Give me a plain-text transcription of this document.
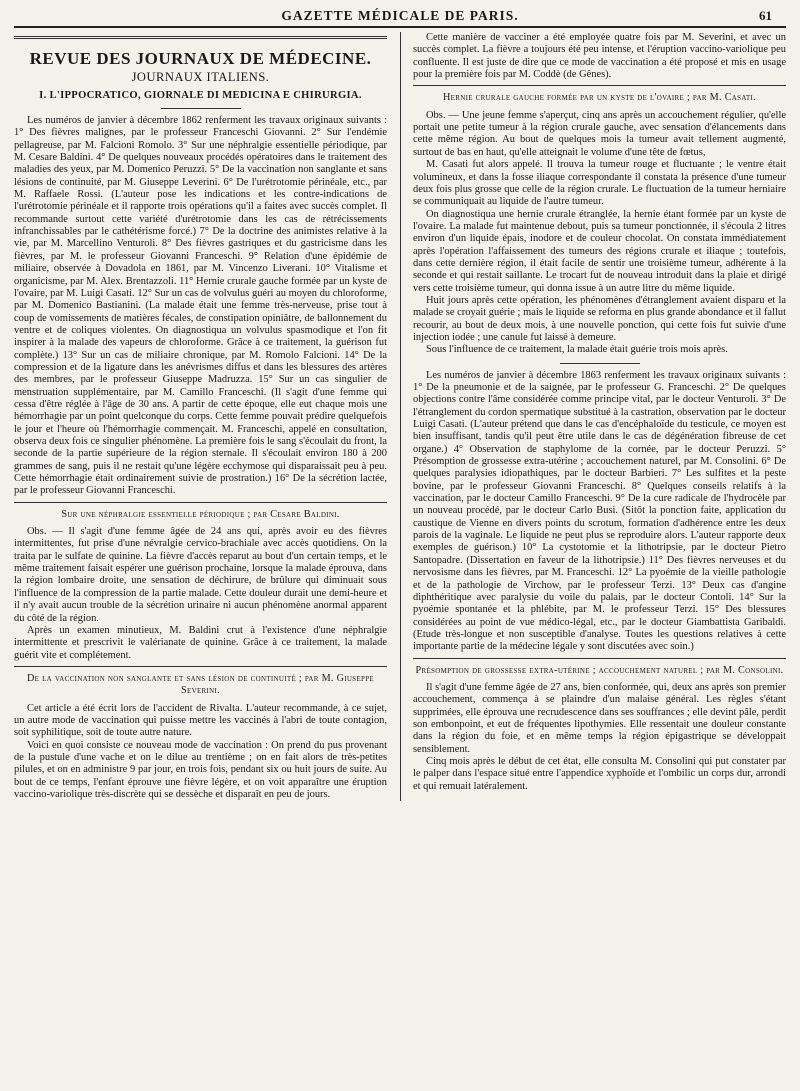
GAZETTE MÉDICALE DE PARIS.	61
REVUE DES JOURNAUX DE MÉDECINE.
JOURNAUX ITALIENS.
I. L'IPPOCRATICO, GIORNALE DI MEDICINA E CHIRURGIA.

Les numéros de janvier à décembre 1862 renferment les travaux originaux suivants : 1° Des fièvres malignes, par le professeur Franceschi Giovanni. 2° Sur l'endémie pellagreuse, par M. Falcioni Romolo. 3° Sur une néphralgie essentielle périodique, par M. Cesare Baldini. 4° De quelques nouveaux procédés opératoires dans le traitement des maladies des yeux, par M. Domenico Peruzzi. 5° De la vaccination non sanglante et sans lésions de continuité, par M. Giuseppe Leverini. 6° De l'urétrotomie périnéale, etc., par M. Raffaele Rossi. (L'auteur pose les indications et les contre-indications de l'urétrotomie périnéale et il rapporte trois opérations qu'il a faites avec succès complet. Il recommande surtout cette variété d'urétrotomie dans les cas de rétrécissements infranchissables par le cathétérisme forcé.) 7° De la doctrine des animistes relative à la vie, par M. Marcellino Venturoli. 8° Des fièvres gastriques et du gastricisme dans les fièvres, par M. le professeur Giovanni Franceschi. 9° Relation d'une épidémie de miliaire, observée à Dovadola en 1861, par M. Vincenzo Liverani. 10° Vitalisme et organicisme, par M. Alex. Brentazzoli. 11° Hernie crurale gauche formée par un kyste de l'ovaire, par M. Luigi Casati. 12° Sur un cas de volvulus guéri au moyen du chloroforme, par M. Domenico Bastianini. (La malade était une femme très-nerveuse, prise tout à coup de vomissements de matières fécales, de constipation opiniâtre, de ballonnement du ventre et de coliques violentes. On diagnostiqua un volvulus spasmodique et l'on fit inspirer à la malade des vapeurs de chloroforme. Grâce à ce traitement, la guérison fut complète.) 13° Sur un cas de miliaire chronique, par M. Romolo Falcioni. 14° De la compression et de la ligature dans les anévrismes diffus et dans les blessures des artères des membres, par le professeur Giuseppe Madruzza. 15° Sur un cas singulier de menstruation supplémentaire, par M. Camillo Franceschi. (Il s'agit d'une femme qui cessa d'être réglée à l'âge de 30 ans. A partir de cette époque, elle eut chaque mois une hémorrhagie par un point quelconque du corps. Cette femme pouvait prédire quelquefois le jour et l'heure où l'hémorrhagie commençait. M. Franceschi, appelé en consultation, observa deux fois ce singulier phénomène. La première fois le sang s'écoulait du front, la seconde de la partie supérieure de la région sternale. Il s'écoulait environ 180 à 200 grammes de sang, puis il ne restait qu'une légère ecchymose qui disparaissait peu à peu. Cette hémorrhagie était ordinairement suivie de prostration.) 16° De la sécrétion lactée, par le professeur Giovanni Franceschi.

Sur une néphralgie essentielle périodique ; par Cesare Baldini.

Obs. — Il s'agit d'une femme âgée de 24 ans qui, après avoir eu des fièvres intermittentes, fut prise d'une névralgie cervico-brachiale avec accès quotidiens. On la traita par le sulfate de quinine. La fièvre d'accès reparut au bout d'un certain temps, et le même traitement faisait espérer une guérison prochaine, lorsque la malade éprouva, dans la région lombaire droite, une sensation de déchirure, de brûlure qui diminuait sous l'influence de la compression de la partie malade. Cette douleur durait une demi-heure et il n'y avait aucun trouble de la sécrétion urinaire ni aucun phénomène anormal apparent du côté de la région.

Après un examen minutieux, M. Baldini crut à l'existence d'une néphralgie intermittente et prescrivit le valérianate de quinine. Grâce à ce traitement, la malade guérit vite et complétement.

De la vaccination non sanglante et sans lésion de continuité ; par M. Giuseppe Severini.

Cet article a été écrit lors de l'accident de Rivalta. L'auteur recommande, à ce sujet, un autre mode de vaccination qui puisse mettre les vaccinés à l'abri de toute contagion, soit syphilitique, soit de toute autre nature.

Voici en quoi consiste ce nouveau mode de vaccination : On prend du pus provenant de la pustule d'une vache et on le dilue au trentième ; on en fait alors de très-petites pilules, et on en administre 9 par jour, en trois fois, pendant six ou huit jours de suite. Au bout de ce temps, l'enfant éprouve une fièvre légère, et on voit apparaître une éruption vaccino-variolique très-discrète qui se dessèche et disparaît en peu de jours.

Cette manière de vacciner a été employée quatre fois par M. Severini, et avec un succès complet. La fièvre a toujours été peu intense, et l'éruption vaccino-variolique peu confluente. Il est juste de dire que ce mode de vaccination a été proposé et mis en usage pour la première fois par M. Coddè (de Gênes).

Hernie crurale gauche formée par un kyste de l'ovaire ; par M. Casati.

Obs. — Une jeune femme s'aperçut, cinq ans après un accouchement régulier, qu'elle portait une petite tumeur à la région crurale gauche, avec sensation d'élancements dans cette même région. Au bout de quelques mois la tumeur avait tellement augmenté, surtout de bas en haut, qu'elle atteignait le volume d'une tête de fœtus,

M. Casati fut alors appelé. Il trouva la tumeur rouge et fluctuante ; le ventre était volumineux, et dans la fosse iliaque correspondante il constata la présence d'une tumeur deux fois plus grosse que celle de la région crurale. Le fluctuation de la tumeur herniaire se communiquait au liquide de l'autre tumeur.

On diagnostiqua une hernie crurale étranglée, la hernie étant formée par un kyste de l'ovaire. La malade fut maintenue debout, puis sa tumeur ponctionnée, il s'écoula 2 litres environ d'un liquide épais, inodore et de couleur chocolat. On constata immédiatement après l'opération l'affaissement des tumeurs des régions crurale et iliaque ; toutefois, dans cette dernière région, il était facile de sentir une troisième tumeur, adhérente à la seconde et qui restait saillante. Le trocart fut de nouveau introduit dans la plaie et dirigé vers cette troisième tumeur, qui donna issue à un autre litre du même liquide.

Huit jours après cette opération, les phénomènes d'étranglement avaient disparu et la malade se croyait guérie ; mais le liquide se reforma en plus grande abondance et il fallut recourir, au bout de deux mois, à une nouvelle ponction, qui cette fois fut suivie d'une injection iodée ; une canule fut laissé à demeure.

Sous l'influence de ce traitement, la malade était guérie trois mois après.

Les numéros de janvier à décembre 1863 renferment les travaux originaux suivants : 1° De la pneumonie et de la saignée, par le professeur G. Franceschi. 2° De quelques objections contre l'âme considérée comme principe vital, par le docteur Venturoli. 3° De l'étranglement du cordon spermatique substitué à la castration, observation par le docteur Luigi Casati. (L'auteur prétend que dans le cas d'encéphaloïde du testicule, ce moyen est bien insuffisant, tandis qu'il peut être utile dans le cas de dégénération fibreuse de cet organe.) 4° Observation de staphylome de la cornée, par le docteur Peruzzi. 5° Présomption de grossesse extra-utérine ; accouchement naturel, par M. Consolini. 6° De quelques paralysies idiopathiques, par le docteur Barbieri. 7° Les sulfites et la peste bovine, par le professeur Giovanni Franceschi. 8° Quelques conseils relatifs à la vaccination, par le docteur Camillo Franceschi. 9° De la cure radicale de l'hydrocèle par un nouveau procédé, par le docteur Carlo Busi. (Sitôt la ponction faite, application du caustique de Vienne en divers points du scrotum, formation d'adhérence entre les deux parois de la vaginale. Le liquide ne peut plus se reproduire alors. L'auteur rapporte deux exemples de guérison.) 10° La cystotomie et la lithotripsie, par le docteur Pietro Santopadre. (Dissertation en faveur de la lithotripsie.) 11° Des fièvres nerveuses et du nervosisme dans les fièvres, par M. Franceschi. 12° La pyoémie de la vieille pathologie et de la pathologie de Virchow, par le professeur Terzi. 13° Deux cas d'angine diphthéritique avec paralysie du voile du palais, par le docteur Contoli. 14° Sur la pyoémie spontanée et la phlébite, par M. le professeur Terzi. 15° Des blessures considérées au point de vue médico-légal, etc., par le docteur Giambattista Garibaldi. (Etude très-longue et non susceptible d'analyse. Toutes les questions relatives à cette importante partie de la médecine légale y sont discutées avec soin.)

Présomption de grossesse extra-utérine ; accouchement naturel ; par M. Consolini.

Il s'agit d'une femme âgée de 27 ans, bien conformée, qui, deux ans après son premier accouchement, commença à se plaindre d'un malaise général. Les règles s'étant supprimées, elle éprouva une recrudescence dans ses souffrances ; elle devint pâle, perdit son embonpoint, et eut de fréquentes lipothymies. Elle ressentait une douleur constante dans la région du foie, et en même temps la région épigastrique se développait sensiblement.

Cinq mois après le début de cet état, elle consulta M. Consolini qui put constater par le palper dans l'espace situé entre l'appendice xyphoïde et l'ombilic un corps dur, arrondi et qui remuait latéralement.
